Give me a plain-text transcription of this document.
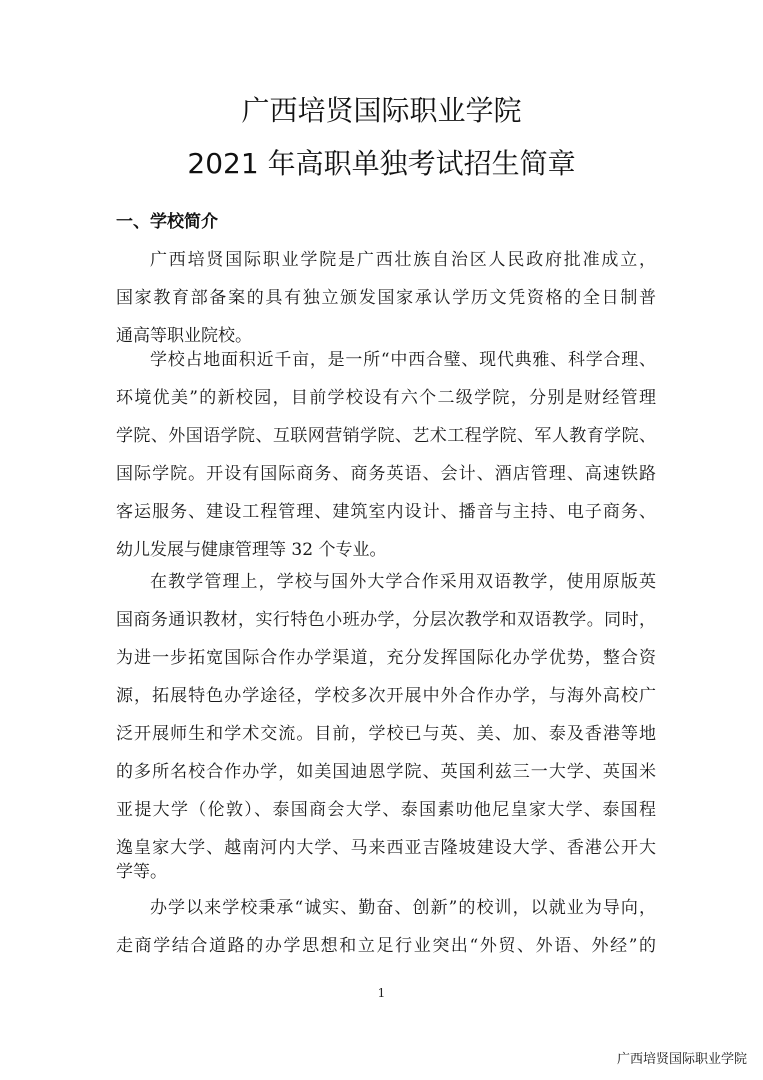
广西培贤国际职业学院
2021 年高职单独考试招生简章
一、学校简介
广西培贤国际职业学院是广西壮族自治区人民政府批准成立，
国家教育部备案的具有独立颁发国家承认学历文凭资格的全日制普
通高等职业院校。
学校占地面积近千亩，是一所“中西合璧、现代典雅、科学合理、
环境优美”的新校园，目前学校设有六个二级学院，分别是财经管理
学院、外国语学院、互联网营销学院、艺术工程学院、军人教育学院、
国际学院。开设有国际商务、商务英语、会计、酒店管理、高速铁路
客运服务、建设工程管理、建筑室内设计、播音与主持、电子商务、
幼儿发展与健康管理等 32 个专业。
在教学管理上，学校与国外大学合作采用双语教学，使用原版英
国商务通识教材，实行特色小班办学，分层次教学和双语教学。同时，
为进一步拓宽国际合作办学渠道，充分发挥国际化办学优势，整合资
源，拓展特色办学途径，学校多次开展中外合作办学，与海外高校广
泛开展师生和学术交流。目前，学校已与英、美、加、泰及香港等地
的多所名校合作办学，如美国迪恩学院、英国利兹三一大学、英国米
亚提大学（伦敦）、泰国商会大学、泰国素叻他尼皇家大学、泰国程
逸皇家大学、越南河内大学、马来西亚吉隆坡建设大学、香港公开大
学等。
办学以来学校秉承“诚实、勤奋、创新”的校训，以就业为导向，
走商学结合道路的办学思想和立足行业突出“外贸、外语、外经”的
1
广西培贤国际职业学院
